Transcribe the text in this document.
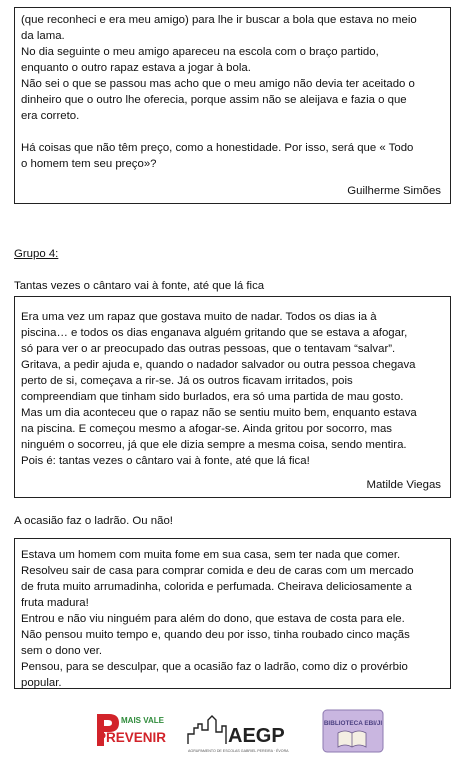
(que reconheci e era meu amigo) para lhe ir buscar a bola que estava no meio

da lama.

No dia seguinte o meu amigo apareceu na escola com o braço partido,

enquanto o outro rapaz estava a jogar à bola.

Não sei o que se passou mas acho que o meu amigo não devia ter aceitado o

dinheiro que o outro lhe oferecia, porque assim não se aleijava e fazia o que

era correto.

Há coisas que não têm preço, como a honestidade. Por isso, será que « Todo

o homem tem seu preço»?

Guilherme Simões
Grupo 4:
Tantas vezes o cântaro vai à fonte, até que lá fica

Era uma vez um rapaz que gostava muito de nadar. Todos os dias ia à

piscina… e todos os dias enganava alguém gritando que se estava a afogar,

só para ver o ar preocupado das outras pessoas, que o tentavam “salvar”.

Gritava, a pedir ajuda e, quando o nadador salvador ou outra pessoa chegava

perto de si, começava a rir-se. Já os outros ficavam irritados, pois

compreendiam que tinham sido burlados, era só uma partida de mau gosto.

Mas um dia aconteceu que o rapaz não se sentiu muito bem, enquanto estava

na piscina. E começou mesmo a afogar-se. Ainda gritou por socorro, mas

ninguém o socorreu, já que ele dizia sempre a mesma coisa, sendo mentira.

Pois é: tantas vezes o cântaro vai à fonte, até que lá fica!

Matilde Viegas
A ocasião faz o ladrão. Ou não!

Estava um homem com muita fome em sua casa, sem ter nada que comer.

Resolveu sair de casa para comprar comida e deu de caras com um mercado

de fruta muito arrumadinha, colorida e perfumada. Cheirava deliciosamente a

fruta madura!

Entrou e não viu ninguém para além do dono, que estava de costa para ele.

Não pensou muito tempo e, quando deu por isso, tinha roubado cinco maçãs

sem o dono ver.

Pensou, para se desculpar, que a ocasião faz o ladrão, como diz o provérbio

popular.

MAIS VALE
PREVENIR	AEGP
AGRUPAMENTO DE ESCOLAS GABRIEL PEREIRA · ÉVORA
BIBLIOTECA EBI/JI
